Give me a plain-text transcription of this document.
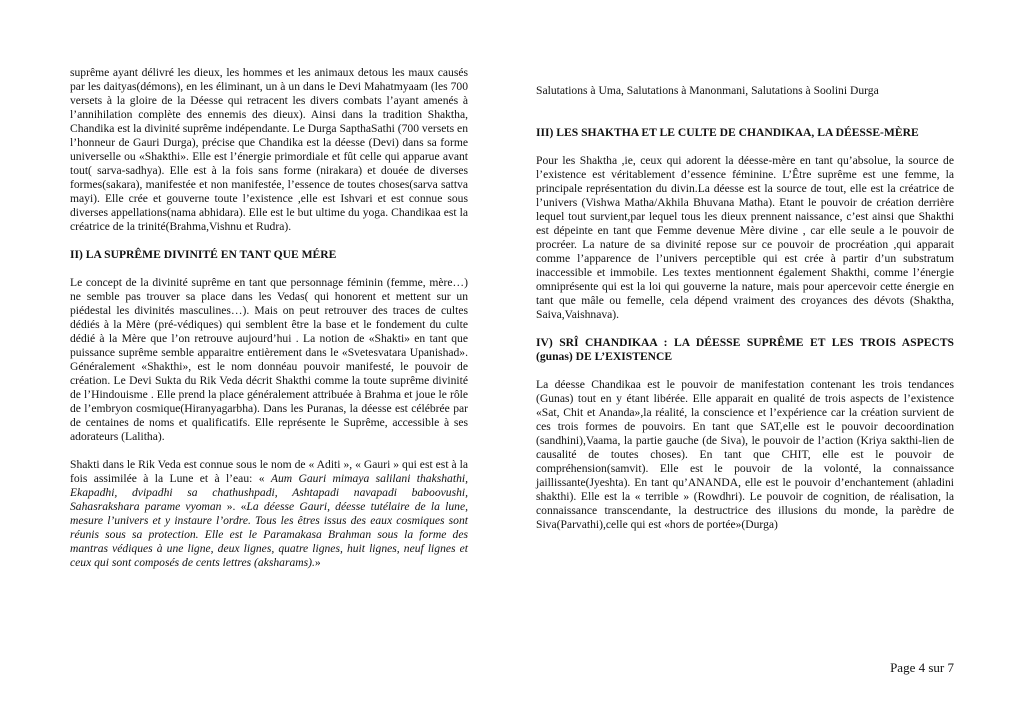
suprême ayant délivré les dieux, les hommes et les animaux detous les maux causés par les daityas(démons), en les éliminant, un à un dans le Devi Mahatmyaam (les 700 versets à la gloire de la Déesse qui retracent les divers combats l’ayant amenés à l’annihilation complète des ennemis des dieux). Ainsi dans la tradition Shaktha, Chandika est la divinité suprême indépendante. Le Durga SapthaSathi (700 versets en l’honneur de Gauri Durga), précise que Chandika est la déesse (Devi) dans sa forme universelle ou «Shakthi». Elle est l’énergie primordiale et fût celle qui apparue avant tout( sarva-sadhya). Elle est à la fois sans forme (nirakara) et douée de diverses formes(sakara), manifestée et non manifestée, l’essence de toutes choses(sarva sattva mayi). Elle crée et gouverne toute l’existence ,elle est Ishvari et est connue sous diverses appellations(nama abhidara). Elle est le but ultime du yoga. Chandikaa est la créatrice de la trinité(Brahma,Vishnu et Rudra).

II) LA SUPRÊME DIVINITÉ EN TANT QUE MÉRE

Le concept de la divinité suprême en tant que personnage féminin (femme, mère…) ne semble pas trouver sa place dans les Vedas( qui honorent et mettent sur un piédestal les divinités masculines…). Mais on peut retrouver des traces de cultes dédiés à la Mère (pré-védiques) qui semblent être la base et le fondement du culte dédié à la Mère que l’on retrouve aujourd’hui . La notion de «Shakti» en tant que puissance suprême semble apparaitre entièrement dans le «Svetesvatara Upanishad». Généralement «Shakthi», est le nom donnéau pouvoir manifesté, le pouvoir de création. Le Devi Sukta du Rik Veda décrit Shakthi comme la toute suprême divinité de l’Hindouisme . Elle prend la place généralement attribuée à Brahma et joue le rôle de l’embryon cosmique(Hiranyagarbha). Dans les Puranas, la déesse est célébrée par de centaines de noms et qualificatifs. Elle représente le Suprême, accessible à ses adorateurs (Lalitha).

Shakti dans le Rik Veda est connue sous le nom de « Aditi », « Gauri » qui est est à la fois assimilée à la Lune et à l’eau: « Aum Gauri mimaya salilani thakshathi, Ekapadhi, dvipadhi sa chathushpadi, Ashtapadi navapadi baboovushi, Sahasrakshara parame vyoman ». «La déesse Gauri, déesse tutélaire de la lune, mesure l’univers et y instaure l’ordre. Tous les êtres issus des eaux cosmiques sont réunis sous sa protection. Elle est le Paramakasa Brahman sous la forme des mantras védiques à une ligne, deux lignes, quatre lignes, huit lignes, neuf lignes et ceux qui sont composés de cents lettres (aksharams).»

Salutations à Uma, Salutations à Manonmani, Salutations à Soolini Durga

III) LES SHAKTHA ET LE CULTE DE CHANDIKAA, LA DÉESSE-MÈRE

Pour les Shaktha ,ie, ceux qui adorent la déesse-mère en tant qu’absolue, la source de l’existence est véritablement d’essence féminine. L’Être suprême est une femme, la principale représentation du divin.La déesse est la source de tout, elle est la créatrice de l’univers (Vishwa Matha/Akhila Bhuvana Matha). Etant le pouvoir de création derrière lequel tout survient,par lequel tous les dieux prennent naissance, c’est ainsi que Shakthi est dépeinte en tant que Femme devenue Mère divine , car elle seule a le pouvoir de procréer. La nature de sa divinité repose sur ce pouvoir de procréation ,qui apparait comme l’apparence de l’univers perceptible qui est crée à partir d’un substratum inaccessible et immobile. Les textes mentionnent également Shakthi, comme l’énergie omniprésente qui est la loi qui gouverne la nature, mais pour apercevoir cette énergie en tant que mâle ou femelle, cela dépend vraiment des croyances des dévots (Shaktha, Saiva,Vaishnava).

IV) SRÎ CHANDIKAA : LA DÉESSE SUPRÊME ET LES TROIS ASPECTS (gunas) DE L’EXISTENCE

La déesse Chandikaa est le pouvoir de manifestation contenant les trois tendances (Gunas) tout en y étant libérée. Elle apparait en qualité de trois aspects de l’existence «Sat, Chit et Ananda»,la réalité, la conscience et l’expérience car la création survient de ces trois formes de pouvoirs. En tant que SAT,elle est le pouvoir decoordination (sandhini),Vaama, la partie gauche (de Siva), le pouvoir de l’action (Kriya sakthi-lien de causalité de toutes choses). En tant que CHIT, elle est le pouvoir de compréhension(samvit). Elle est le pouvoir de la volonté, la connaissance jaillissante(Jyeshta). En tant qu’ANANDA, elle est le pouvoir d’enchantement (ahladini shakthi). Elle est la « terrible » (Rowdhri). Le pouvoir de cognition, de réalisation, la connaissance transcendante, la destructrice des illusions du monde, la parèdre de Siva(Parvathi),celle qui est «hors de portée»(Durga)

Page 4 sur 7
